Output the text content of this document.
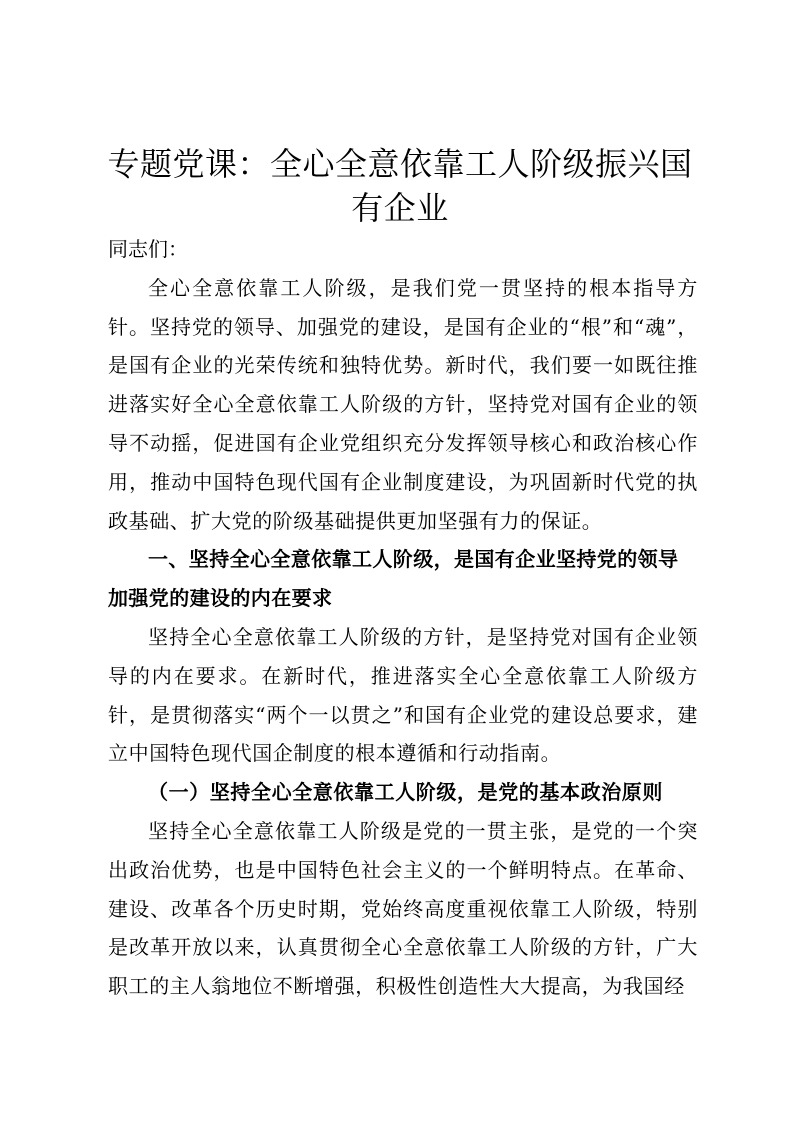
专题党课：全心全意依靠工人阶级振兴国有企业

同志们：

全心全意依靠工人阶级，是我们党一贯坚持的根本指导方针。坚持党的领导、加强党的建设，是国有企业的“根”和“魂”，是国有企业的光荣传统和独特优势。新时代，我们要一如既往推进落实好全心全意依靠工人阶级的方针，坚持党对国有企业的领导不动摇，促进国有企业党组织充分发挥领导核心和政治核心作用，推动中国特色现代国有企业制度建设，为巩固新时代党的执政基础、扩大党的阶级基础提供更加坚强有力的保证。

一、坚持全心全意依靠工人阶级，是国有企业坚持党的领导加强党的建设的内在要求

坚持全心全意依靠工人阶级的方针，是坚持党对国有企业领导的内在要求。在新时代，推进落实全心全意依靠工人阶级方针，是贯彻落实“两个一以贯之”和国有企业党的建设总要求，建立中国特色现代国企制度的根本遵循和行动指南。

（一）坚持全心全意依靠工人阶级，是党的基本政治原则

坚持全心全意依靠工人阶级是党的一贯主张，是党的一个突出政治优势，也是中国特色社会主义的一个鲜明特点。在革命、建设、改革各个历史时期，党始终高度重视依靠工人阶级，特别是改革开放以来，认真贯彻全心全意依靠工人阶级的方针，广大职工的主人翁地位不断增强，积极性创造性大大提高，为我国经
